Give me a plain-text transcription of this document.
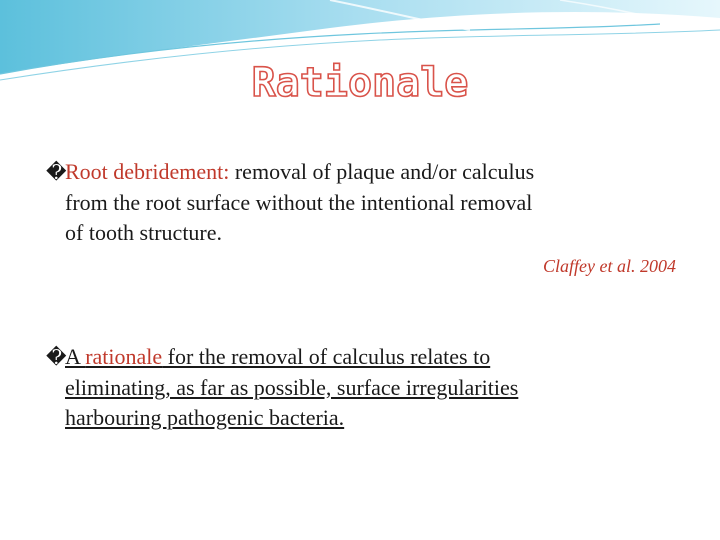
Rationale
�Root debridement: removal of plaque and/or calculus
from the root surface without the intentional removal
of tooth structure.
Claffey et al. 2004
�A rationale for the removal of calculus relates to
eliminating, as far as possible, surface irregularities
harbouring pathogenic bacteria.
